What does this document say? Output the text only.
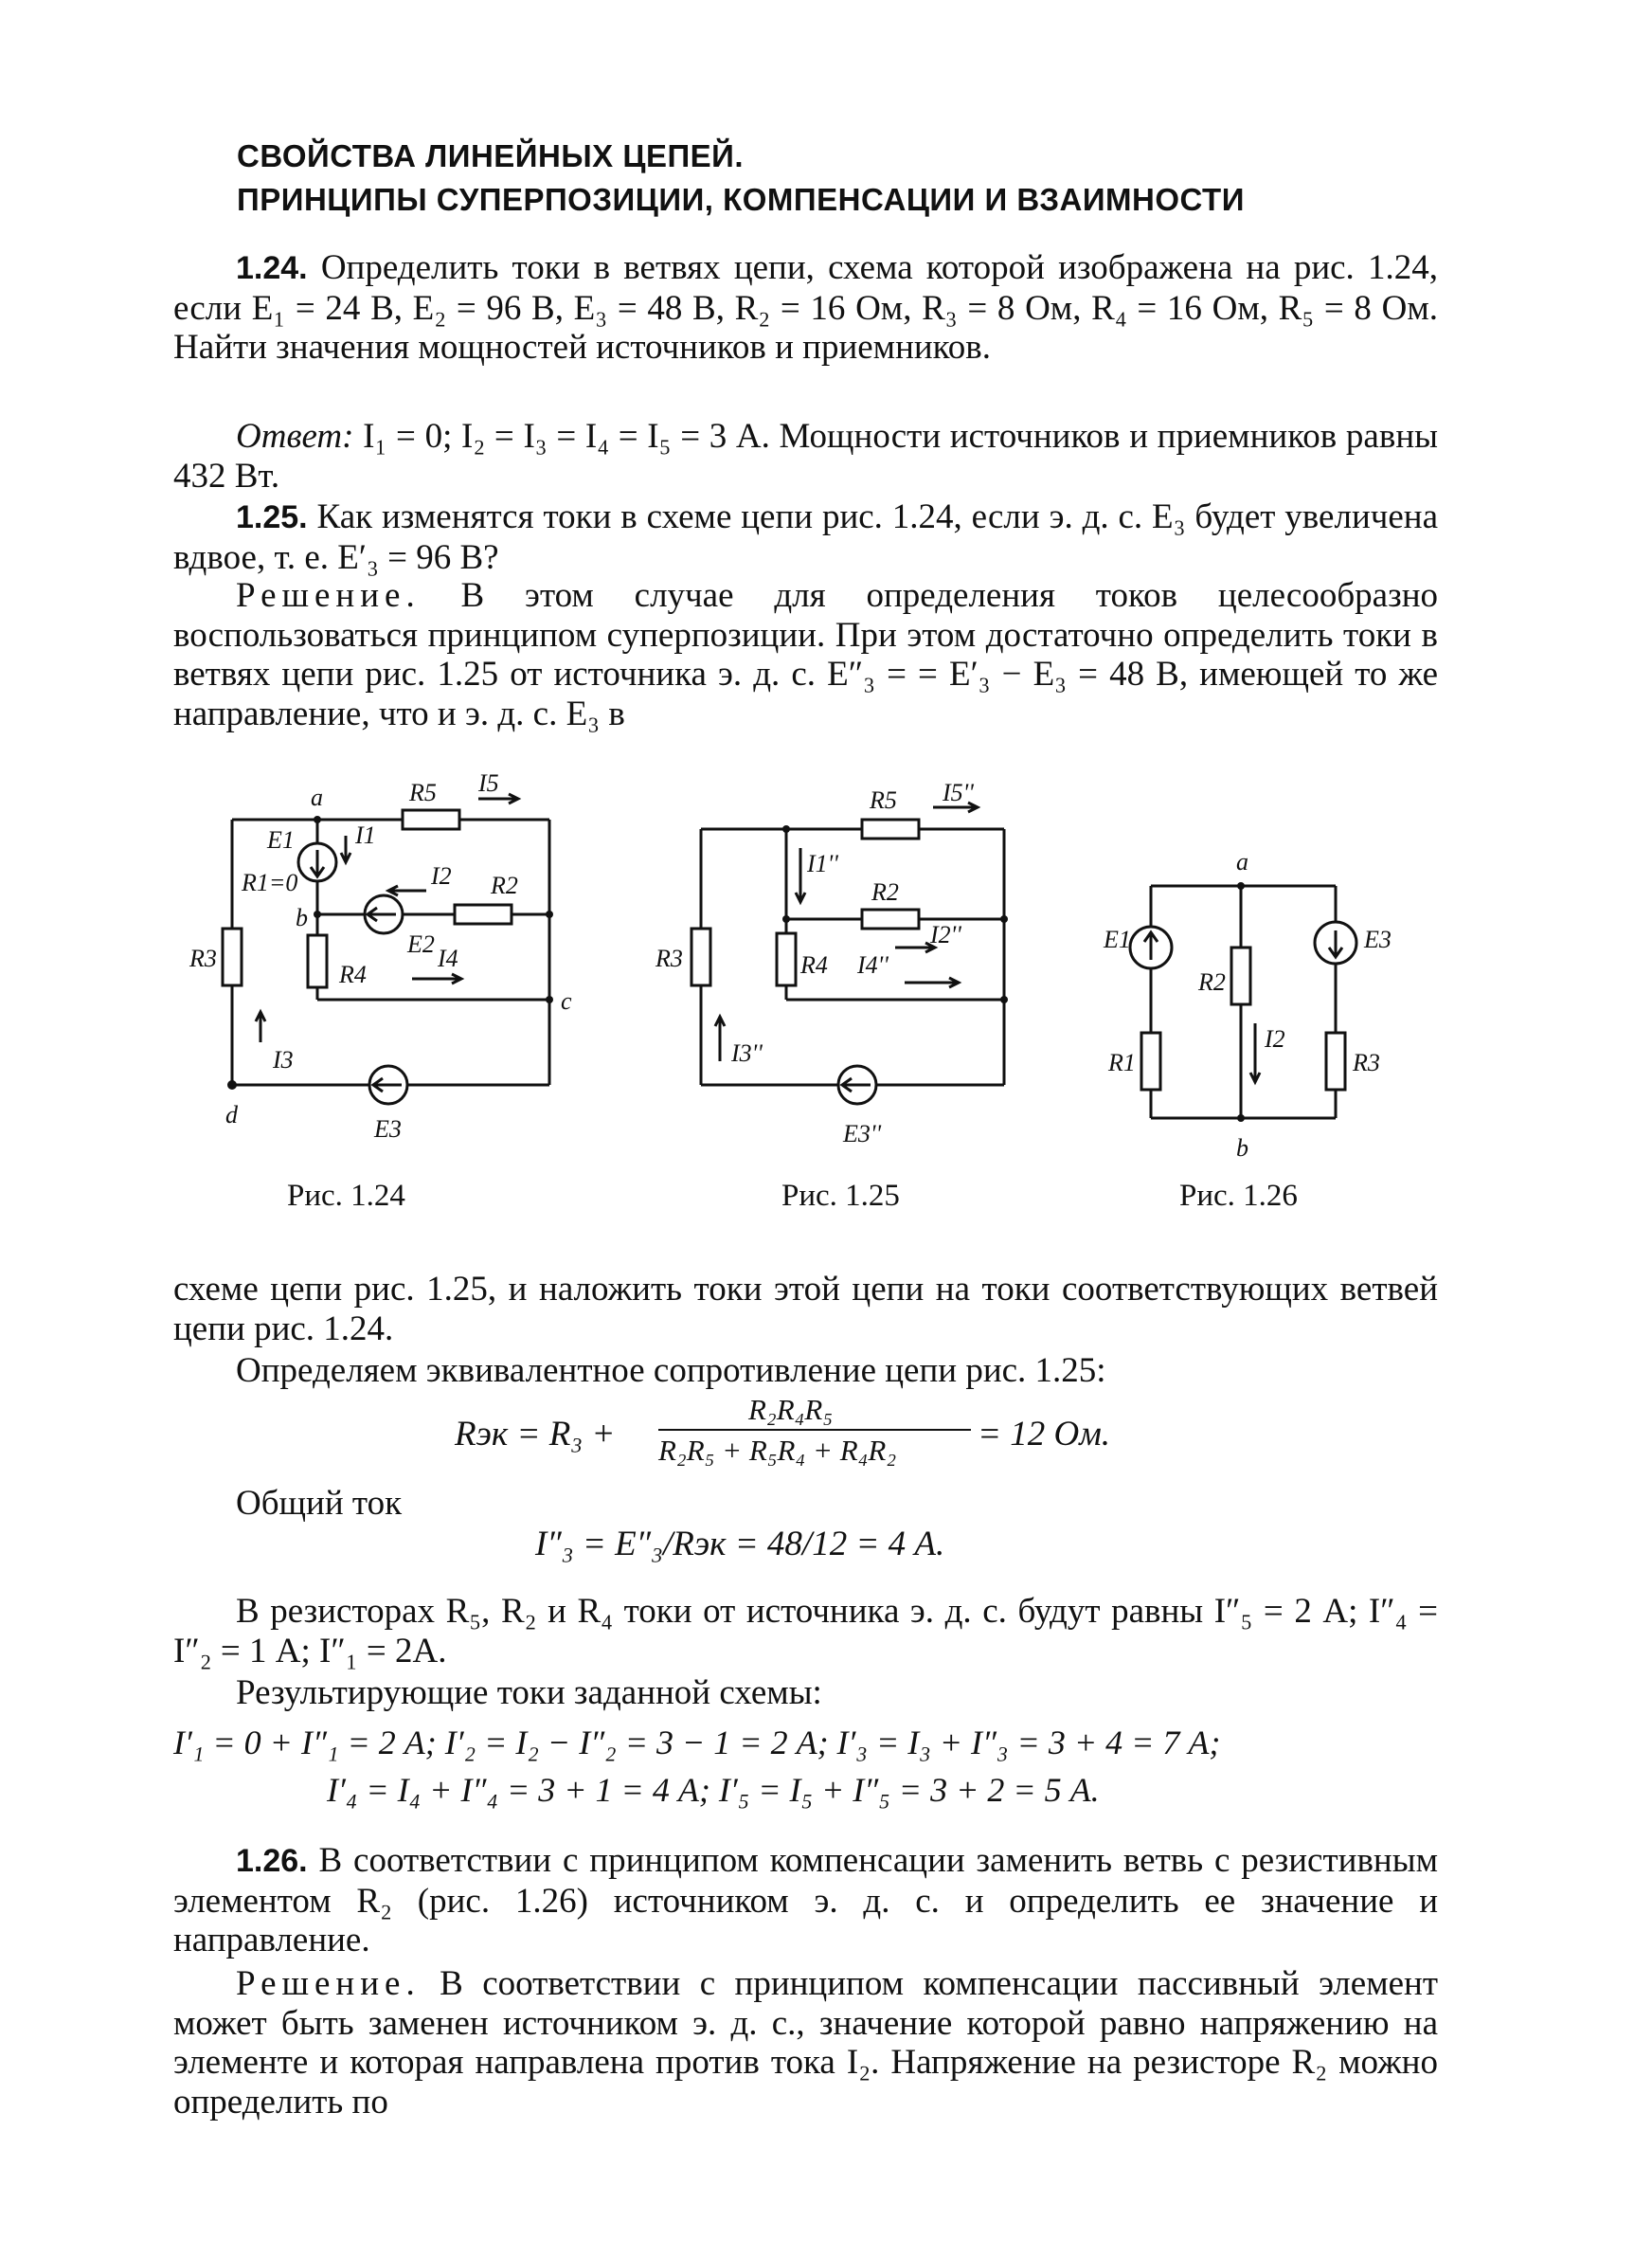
СВОЙСТВА ЛИНЕЙНЫХ ЦЕПЕЙ.
ПРИНЦИПЫ СУПЕРПОЗИЦИИ, КОМПЕНСАЦИИ И ВЗАИМНОСТИ
1.24. Определить токи в ветвях цепи, схема которой изображена на рис. 1.24, если E₁ = 24 В, E₂ = 96 В, E₃ = 48 В, R₂ = 16 Ом, R₃ = 8 Ом, R₄ = 16 Ом, R₅ = 8 Ом. Найти значения мощностей источников и приемников.
Ответ: I₁ = 0; I₂ = I₃ = I₄ = I₅ = 3 А. Мощности источников и приемников равны 432 Вт.
1.25. Как изменятся токи в схеме цепи рис. 1.24, если э. д. с. E₃ будет увеличена вдвое, т. е. E′₃ = 96 В?
Решение. В этом случае для определения токов целесообразно воспользоваться принципом суперпозиции. При этом достаточно определить токи в ветвях цепи рис. 1.25 от источника э. д. с. E″₃ = = E′₃ − E₃ = 48 В, имеющей то же направление, что и э. д. с. E₃ в
a
b
c
d
E1
R1=0
I1
R5 I5
I2 R2
E2
R4
I4
R3
I3
E3
Рис. 1.24
R5 I5''
I1''
R2
I2''
R3	R4 I4''
I3''
E3''
Рис. 1.25
a
b
E1
R2
E3
R1
I2
R3
Рис. 1.26
схеме цепи рис. 1.25, и наложить токи этой цепи на токи соответствующих ветвей цепи рис. 1.24.
Определяем эквивалентное сопротивление цепи рис. 1.25:
Rэк = R₃ +
R₂R₄R₅
R₂R₅ + R₅R₄ + R₄R₂ = 12 Ом.
Общий ток
I″₃ = E″₃/Rэк = 48/12 = 4 А.
В резисторах R₅, R₂ и R₄ токи от источника э. д. с. будут равны I″₅ = 2 А; I″₄ = I″₂ = 1 А; I″₁ = 2А.
Результирующие токи заданной схемы:
I′₁ = 0 + I″₁ = 2 А; I′₂ = I₂ − I″₂ = 3 − 1 = 2 А; I′₃ = I₃ + I″₃ = 3 + 4 = 7 А;
I′₄ = I₄ + I″₄ = 3 + 1 = 4 А; I′₅ = I₅ + I″₅ = 3 + 2 = 5 А.
1.26. В соответствии с принципом компенсации заменить ветвь с резистивным элементом R₂ (рис. 1.26) источником э. д. с. и определить ее значение и направление.
Решение. В соответствии с принципом компенсации пассивный элемент может быть заменен источником э. д. с., значение которой равно напряжению на элементе и которая направлена против тока I₂. Напряжение на резисторе R₂ можно определить по
